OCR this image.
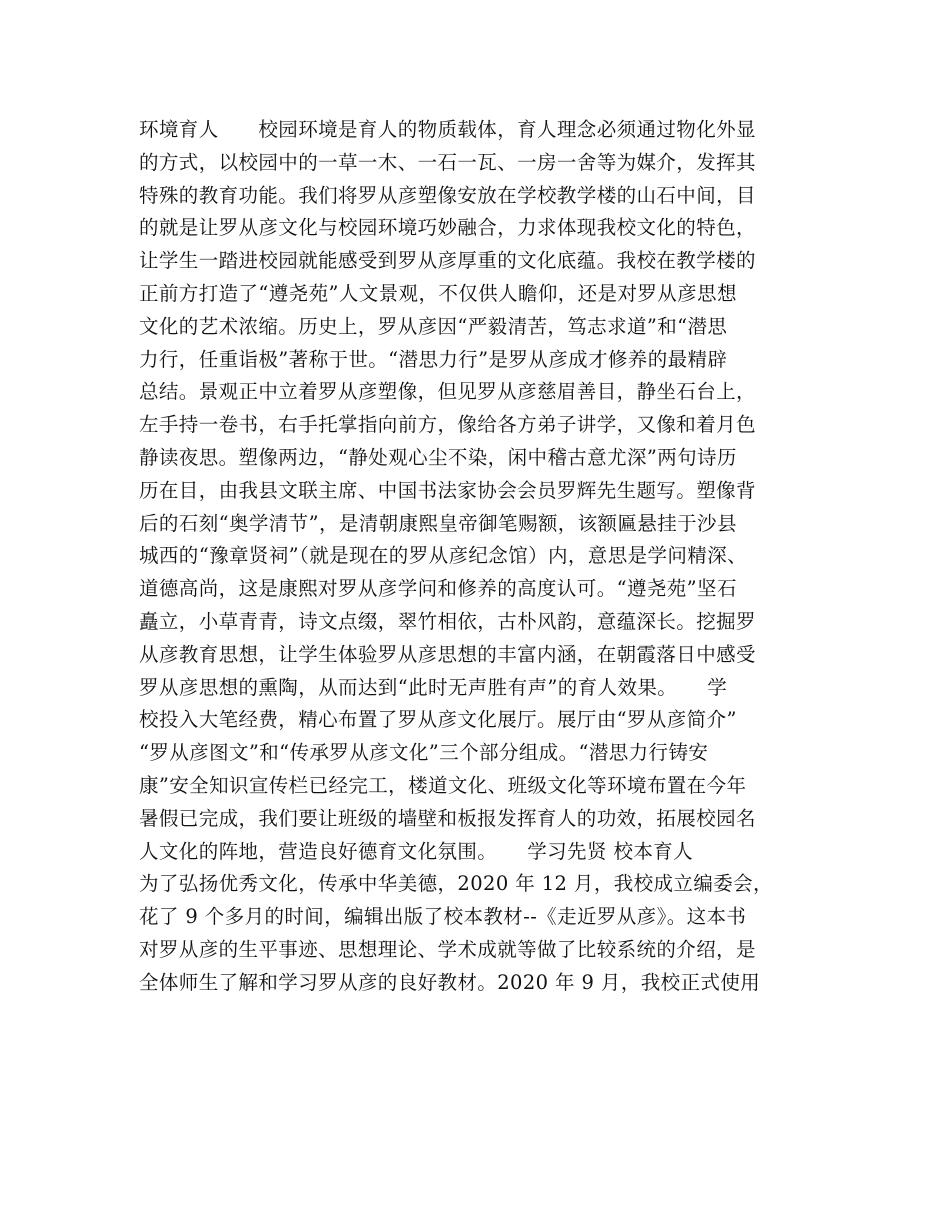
环境育人　　校园环境是育人的物质载体，育人理念必须通过物化外显
的方式，以校园中的一草一木、一石一瓦、一房一舍等为媒介，发挥其
特殊的教育功能。我们将罗从彦塑像安放在学校教学楼的山石中间，目
的就是让罗从彦文化与校园环境巧妙融合，力求体现我校文化的特色，
让学生一踏进校园就能感受到罗从彦厚重的文化底蕴。我校在教学楼的
正前方打造了“遵尧苑”人文景观，不仅供人瞻仰，还是对罗从彦思想
文化的艺术浓缩。历史上，罗从彦因“严毅清苦，笃志求道”和“潜思
力行，任重诣极”著称于世。“潜思力行”是罗从彦成才修养的最精辟
总结。景观正中立着罗从彦塑像，但见罗从彦慈眉善目，静坐石台上，
左手持一卷书，右手托掌指向前方，像给各方弟子讲学，又像和着月色
静读夜思。塑像两边，“静处观心尘不染，闲中稽古意尤深”两句诗历
历在目，由我县文联主席、中国书法家协会会员罗辉先生题写。塑像背
后的石刻“奥学清节”，是清朝康熙皇帝御笔赐额，该额匾悬挂于沙县
城西的“豫章贤祠”（就是现在的罗从彦纪念馆）内，意思是学问精深、
道德高尚，这是康熙对罗从彦学问和修养的高度认可。“遵尧苑”坚石
矗立，小草青青，诗文点缀，翠竹相依，古朴风韵，意蕴深长。挖掘罗
从彦教育思想，让学生体验罗从彦思想的丰富内涵，在朝霞落日中感受
罗从彦思想的熏陶，从而达到“此时无声胜有声”的育人效果。　　学
校投入大笔经费，精心布置了罗从彦文化展厅。展厅由“罗从彦简介”
“罗从彦图文”和“传承罗从彦文化”三个部分组成。“潜思力行铸安
康”安全知识宣传栏已经完工，楼道文化、班级文化等环境布置在今年
暑假已完成，我们要让班级的墙壁和板报发挥育人的功效，拓展校园名
人文化的阵地，营造良好德育文化氛围。　　学习先贤 校本育人
为了弘扬优秀文化，传承中华美德，2020 年 12 月，我校成立编委会，
花了 9 个多月的时间，编辑出版了校本教材--《走近罗从彦》。这本书
对罗从彦的生平事迹、思想理论、学术成就等做了比较系统的介绍，是
全体师生了解和学习罗从彦的良好教材。2020 年 9 月，我校正式使用
